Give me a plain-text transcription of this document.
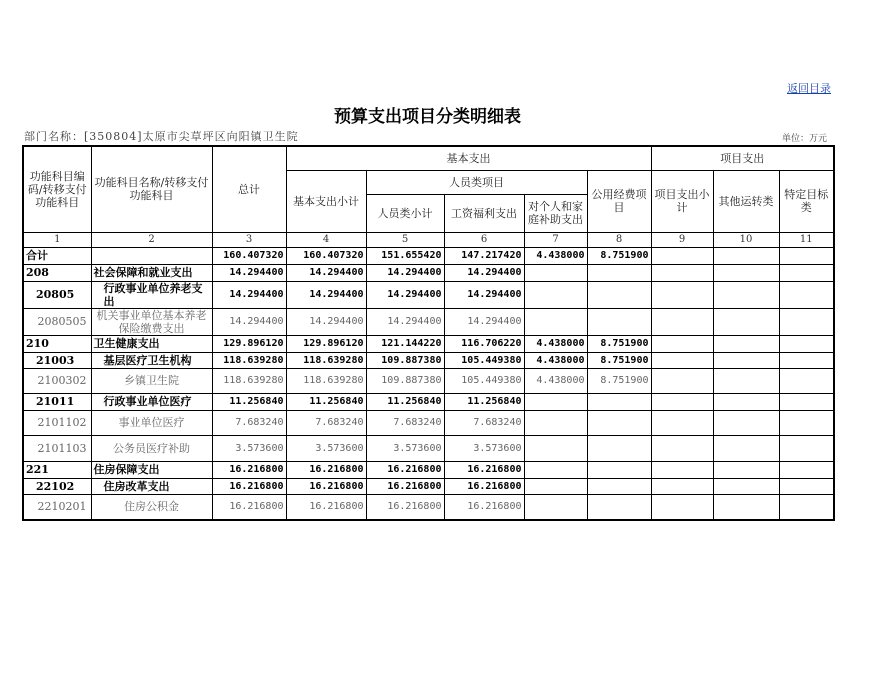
返回目录
预算支出项目分类明细表
部门名称：[350804]太原市尖草坪区向阳镇卫生院	单位：万元
功能科目编码/转移支付功能科目	功能科目名称/转移支付功能科目	总计	基本支出					项目支出		
			基本支出小计	人员类项目			公用经费项目	项目支出小计	其他运转类	特定目标类
				人员类小计	工资福利支出	对个人和家庭补助支出				
1	2	3	4	5	6	7	8	9	10	11
合计		160.407320	160.407320	151.655420	147.217420	4.438000	8.751900			
208	社会保障和就业支出	14.294400	14.294400	14.294400	14.294400					
20805	行政事业单位养老支出	14.294400	14.294400	14.294400	14.294400					
2080505	机关事业单位基本养老保险缴费支出	14.294400	14.294400	14.294400	14.294400					
210	卫生健康支出	129.896120	129.896120	121.144220	116.706220	4.438000	8.751900			
21003	基层医疗卫生机构	118.639280	118.639280	109.887380	105.449380	4.438000	8.751900			
2100302	乡镇卫生院	118.639280	118.639280	109.887380	105.449380	4.438000	8.751900			
21011	行政事业单位医疗	11.256840	11.256840	11.256840	11.256840					
2101102	事业单位医疗	7.683240	7.683240	7.683240	7.683240					
2101103	公务员医疗补助	3.573600	3.573600	3.573600	3.573600					
221	住房保障支出	16.216800	16.216800	16.216800	16.216800					
22102	住房改革支出	16.216800	16.216800	16.216800	16.216800					
2210201	住房公积金	16.216800	16.216800	16.216800	16.216800					
